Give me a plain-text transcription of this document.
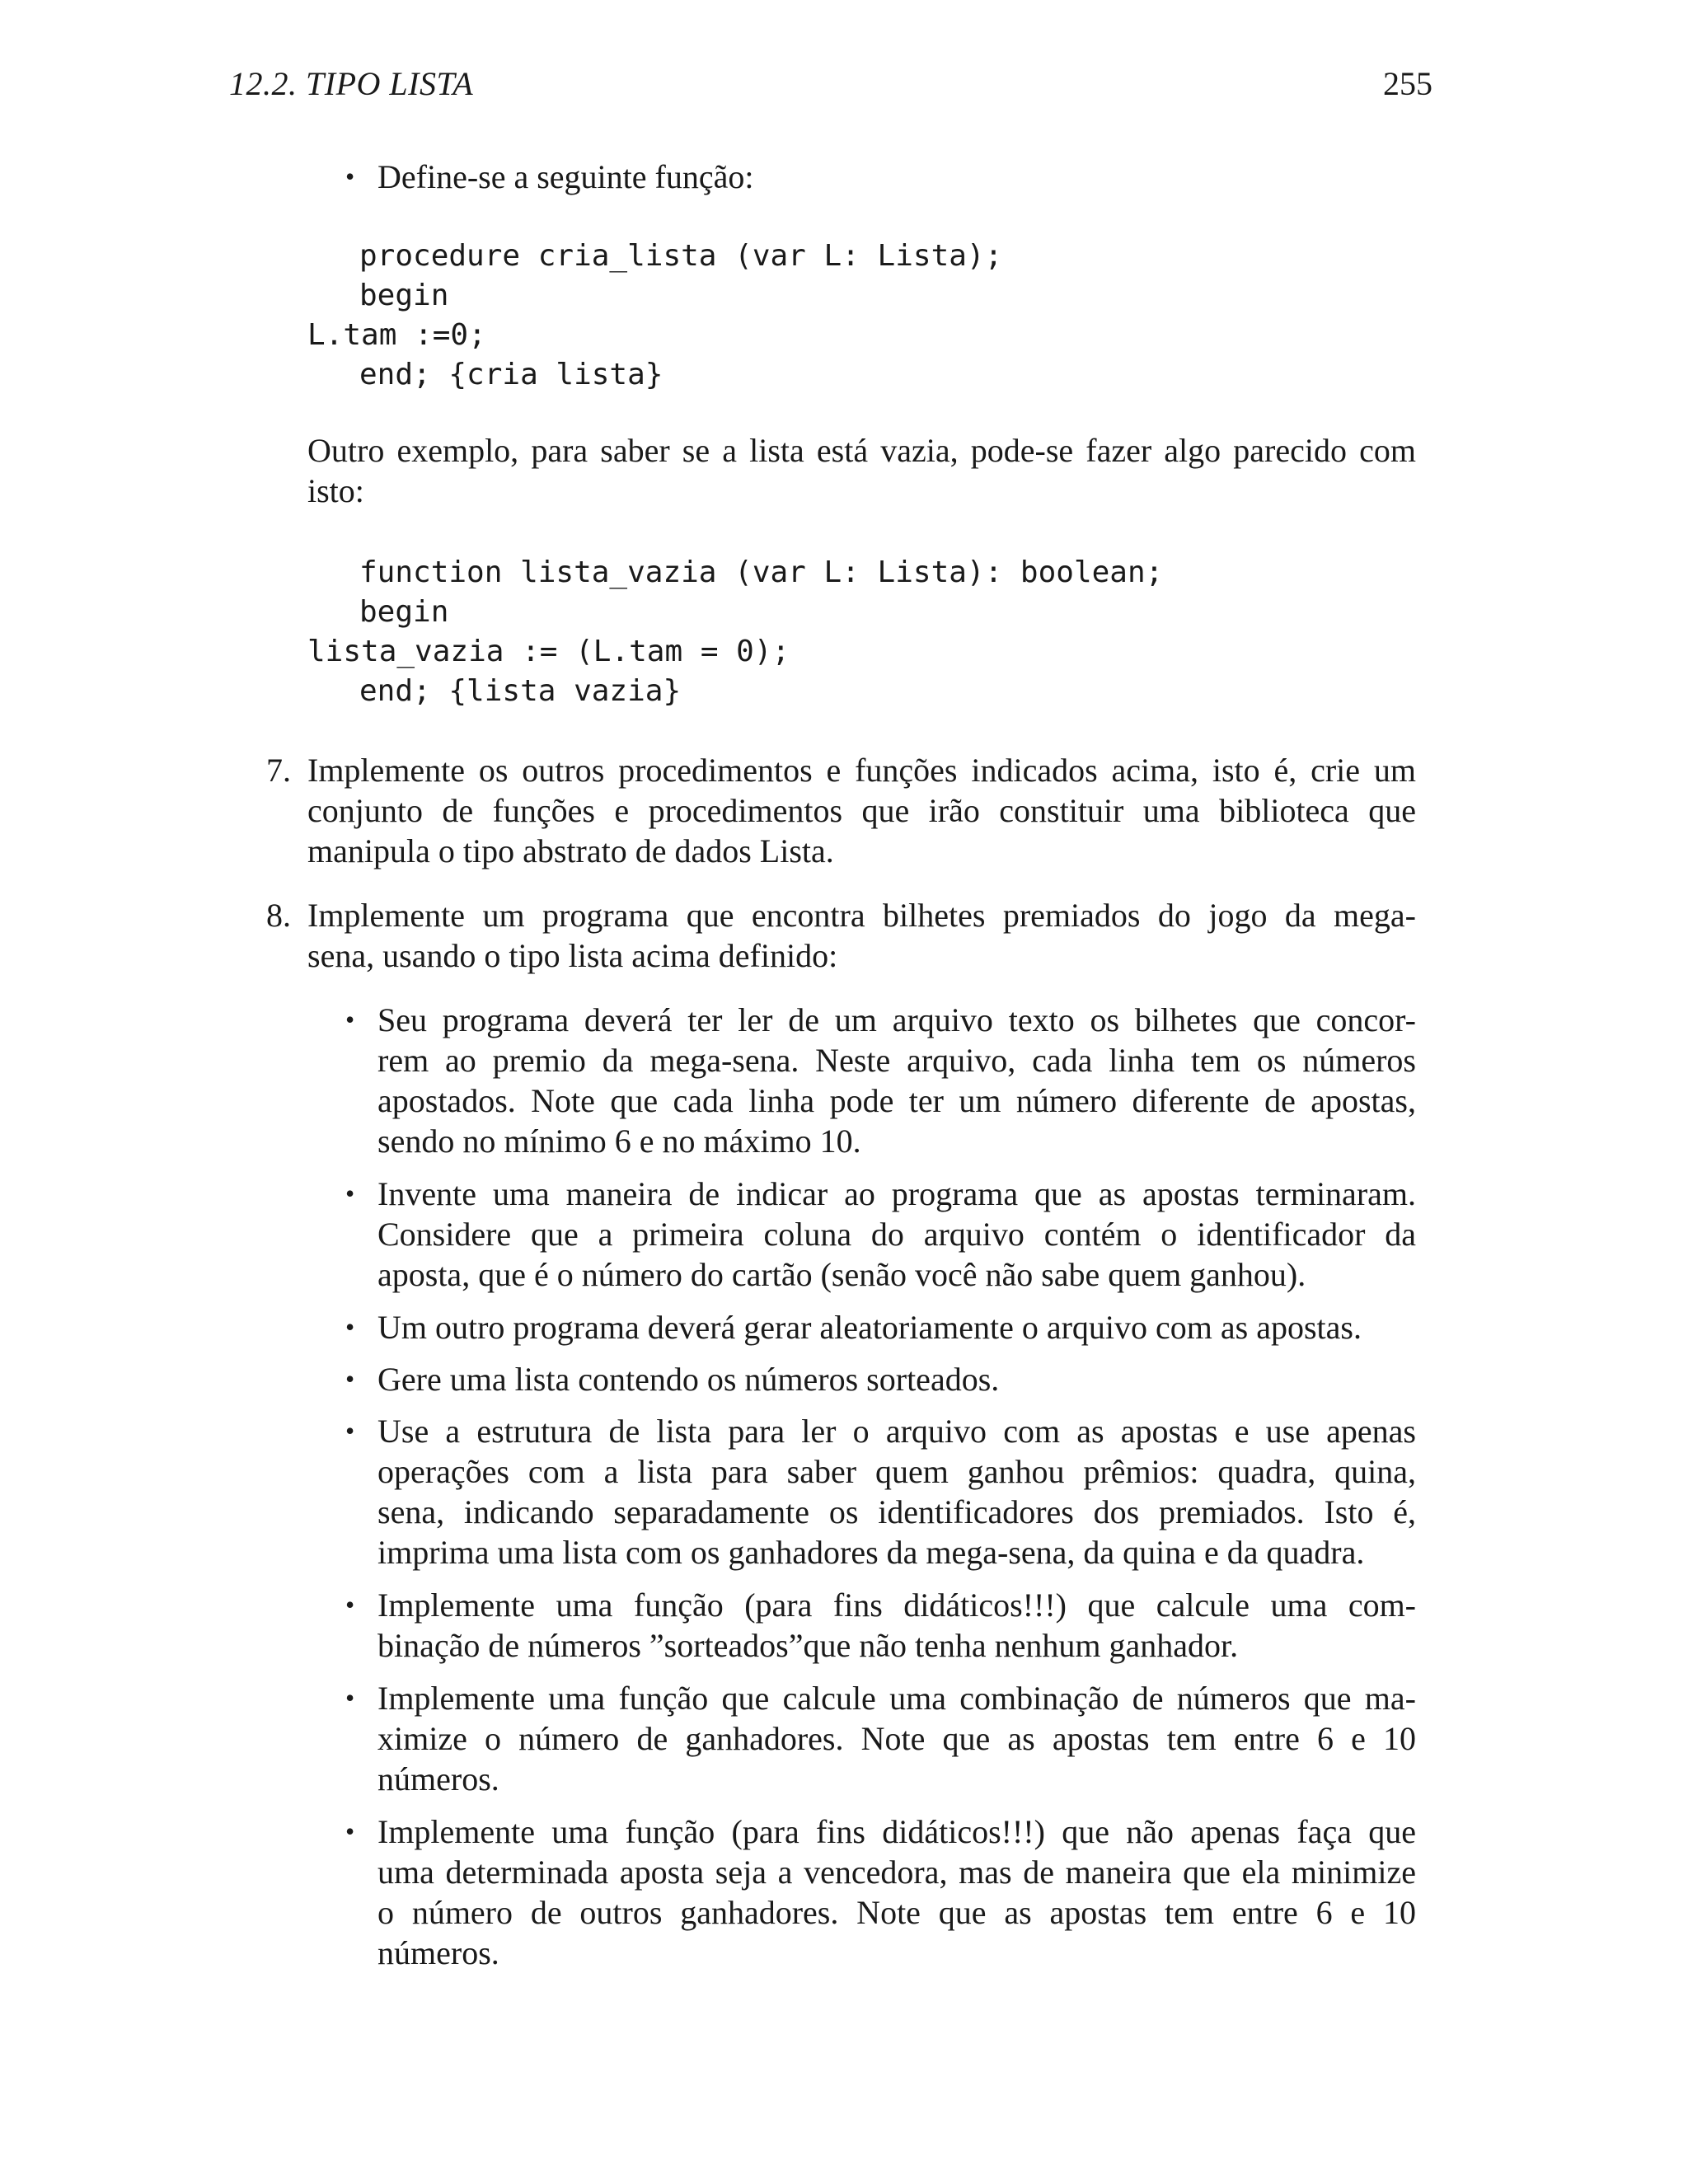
12.2. TIPO LISTA	255
• Define-se a seguinte função:
procedure cria_lista (var L: Lista);
begin
L.tam :=0;
end; {cria lista}
Outro exemplo, para saber se a lista está vazia, pode-se fazer algo parecido com
isto:
function lista_vazia (var L: Lista): boolean;
begin
lista_vazia := (L.tam = 0);
end; {lista vazia}
7. Implemente os outros procedimentos e funções indicados acima, isto é, crie um
conjunto de funções e procedimentos que irão constituir uma biblioteca que
manipula o tipo abstrato de dados Lista.
8. Implemente um programa que encontra bilhetes premiados do jogo da mega-
sena, usando o tipo lista acima definido:
• Seu programa deverá ter ler de um arquivo texto os bilhetes que concor-
rem ao premio da mega-sena. Neste arquivo, cada linha tem os números
apostados. Note que cada linha pode ter um número diferente de apostas,
sendo no mínimo 6 e no máximo 10.
• Invente uma maneira de indicar ao programa que as apostas terminaram.
Considere que a primeira coluna do arquivo contém o identificador da
aposta, que é o número do cartão (senão você não sabe quem ganhou).
• Um outro programa deverá gerar aleatoriamente o arquivo com as apostas.
• Gere uma lista contendo os números sorteados.
• Use a estrutura de lista para ler o arquivo com as apostas e use apenas
operações com a lista para saber quem ganhou prêmios: quadra, quina,
sena, indicando separadamente os identificadores dos premiados. Isto é,
imprima uma lista com os ganhadores da mega-sena, da quina e da quadra.
• Implemente uma função (para fins didáticos!!!) que calcule uma com-
binação de números ”sorteados”que não tenha nenhum ganhador.
• Implemente uma função que calcule uma combinação de números que ma-
ximize o número de ganhadores. Note que as apostas tem entre 6 e 10
números.
• Implemente uma função (para fins didáticos!!!) que não apenas faça que
uma determinada aposta seja a vencedora, mas de maneira que ela minimize
o número de outros ganhadores. Note que as apostas tem entre 6 e 10
números.
